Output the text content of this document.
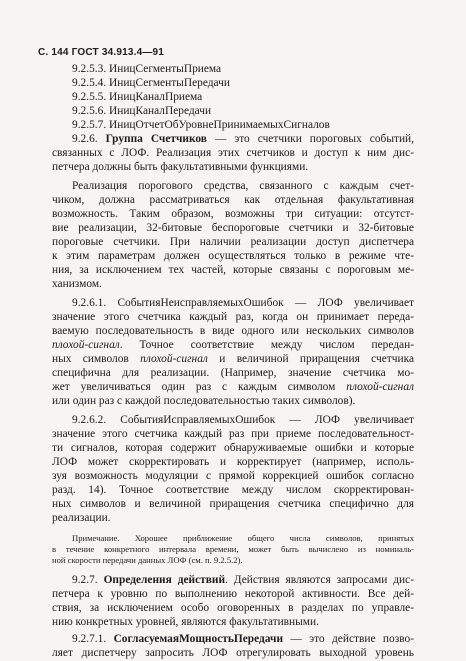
С. 144 ГОСТ 34.913.4—91
9.2.5.3. ИницСегментыПриема
9.2.5.4. ИницСегментыПередачи
9.2.5.5. ИницКаналПриема
9.2.5.6. ИницКаналПередачи
9.2.5.7. ИницОтчетОбУровнеПринимаемыхСигналов
9.2.6. Группа Счетчиков — это счетчики пороговых событий,
связанных с ЛОФ. Реализация этих счетчиков и доступ к ним дис-
петчера должны быть факультативными функциями.
Реализация порогового средства, связанного с каждым счет-
чиком, должна рассматриваться как отдельная факультативная
возможность. Таким образом, возможны три ситуации: отсутст-
вие реализации, 32-битовые беспороговые счетчики и 32-битовые
пороговые счетчики. При наличии реализации доступ диспетчера
к этим параметрам должен осуществляться только в режиме чте-
ния, за исключением тех частей, которые связаны с пороговым ме-
ханизмом.
9.2.6.1. СобытияНеисправляемыхОшибок — ЛОФ увеличивает
значение этого счетчика каждый раз, когда он принимает переда-
ваемую последовательность в виде одного или нескольких символов
плохой-сигнал. Точное соответствие между числом передан-
ных символов плохой-сигнал и величиной приращения счетчика
специфична для реализации. (Например, значение счетчика мо-
жет увеличиваться один раз с каждым символом плохой-сигнал
или один раз с каждой последовательностью таких символов).
9.2.6.2. СобытияИсправляемыхОшибок — ЛОФ увеличивает
значение этого счетчика каждый раз при приеме последовательност-
ти сигналов, которая содержит обнаруживаемые ошибки и которые
ЛОФ может скорректировать и корректирует (например, исполь-
зуя возможность модуляции с прямой коррекцией ошибок согласно
разд. 14). Точное соответствие между числом скорректирован-
ных символов и величиной приращения счетчика специфично для
реализации.
Примечание. Хорошее приближение общего числа символов, принятых
в течение конкретного интервала времени, может быть вычислено из номиналь-
ной скорости передачи данных ЛОФ (см. п. 9.2.5.2).
9.2.7. Определения действий. Действия являются запросами дис-
петчера к уровню по выполнению некоторой активности. Все дей-
ствия, за исключением особо оговоренных в разделах по управле-
нию конкретных уровней, являются факультативными.
9.2.7.1. СогласуемаяМощностьПередачи — это действие позво-
ляет диспетчеру запросить ЛОФ отрегулировать выходной уровень
